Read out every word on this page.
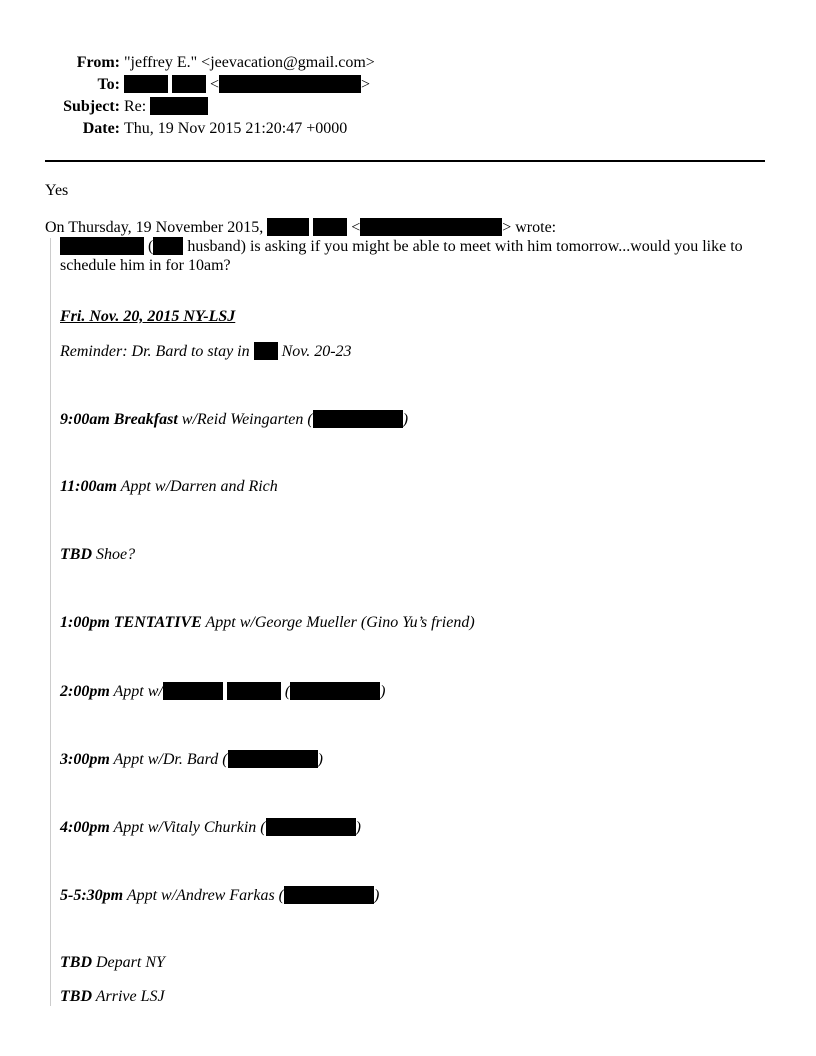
From: "jeffrey E." <jeevacation@gmail.com>
To:	<	>
Subject: Re:
Date: Thu, 19 Nov 2015 21:20:47 +0000
Yes
On Thursday, 19 November 2015,	<	> wrote:
( husband) is asking if you might be able to meet with him tomorrow...would you like to schedule him in for 10am?
Fri. Nov. 20, 2015 NY-LSJ
Reminder: Dr. Bard to stay in  Nov. 20-23
9:00am Breakfast w/Reid Weingarten (	)
11:00am Appt w/Darren and Rich
TBD Shoe?
1:00pm TENTATIVE Appt w/George Mueller (Gino Yu’s friend)
2:00pm Appt w/	(	)
3:00pm Appt w/Dr. Bard (	)
4:00pm Appt w/Vitaly Churkin (	)
5-5:30pm Appt w/Andrew Farkas (	)
TBD Depart NY
TBD Arrive LSJ
